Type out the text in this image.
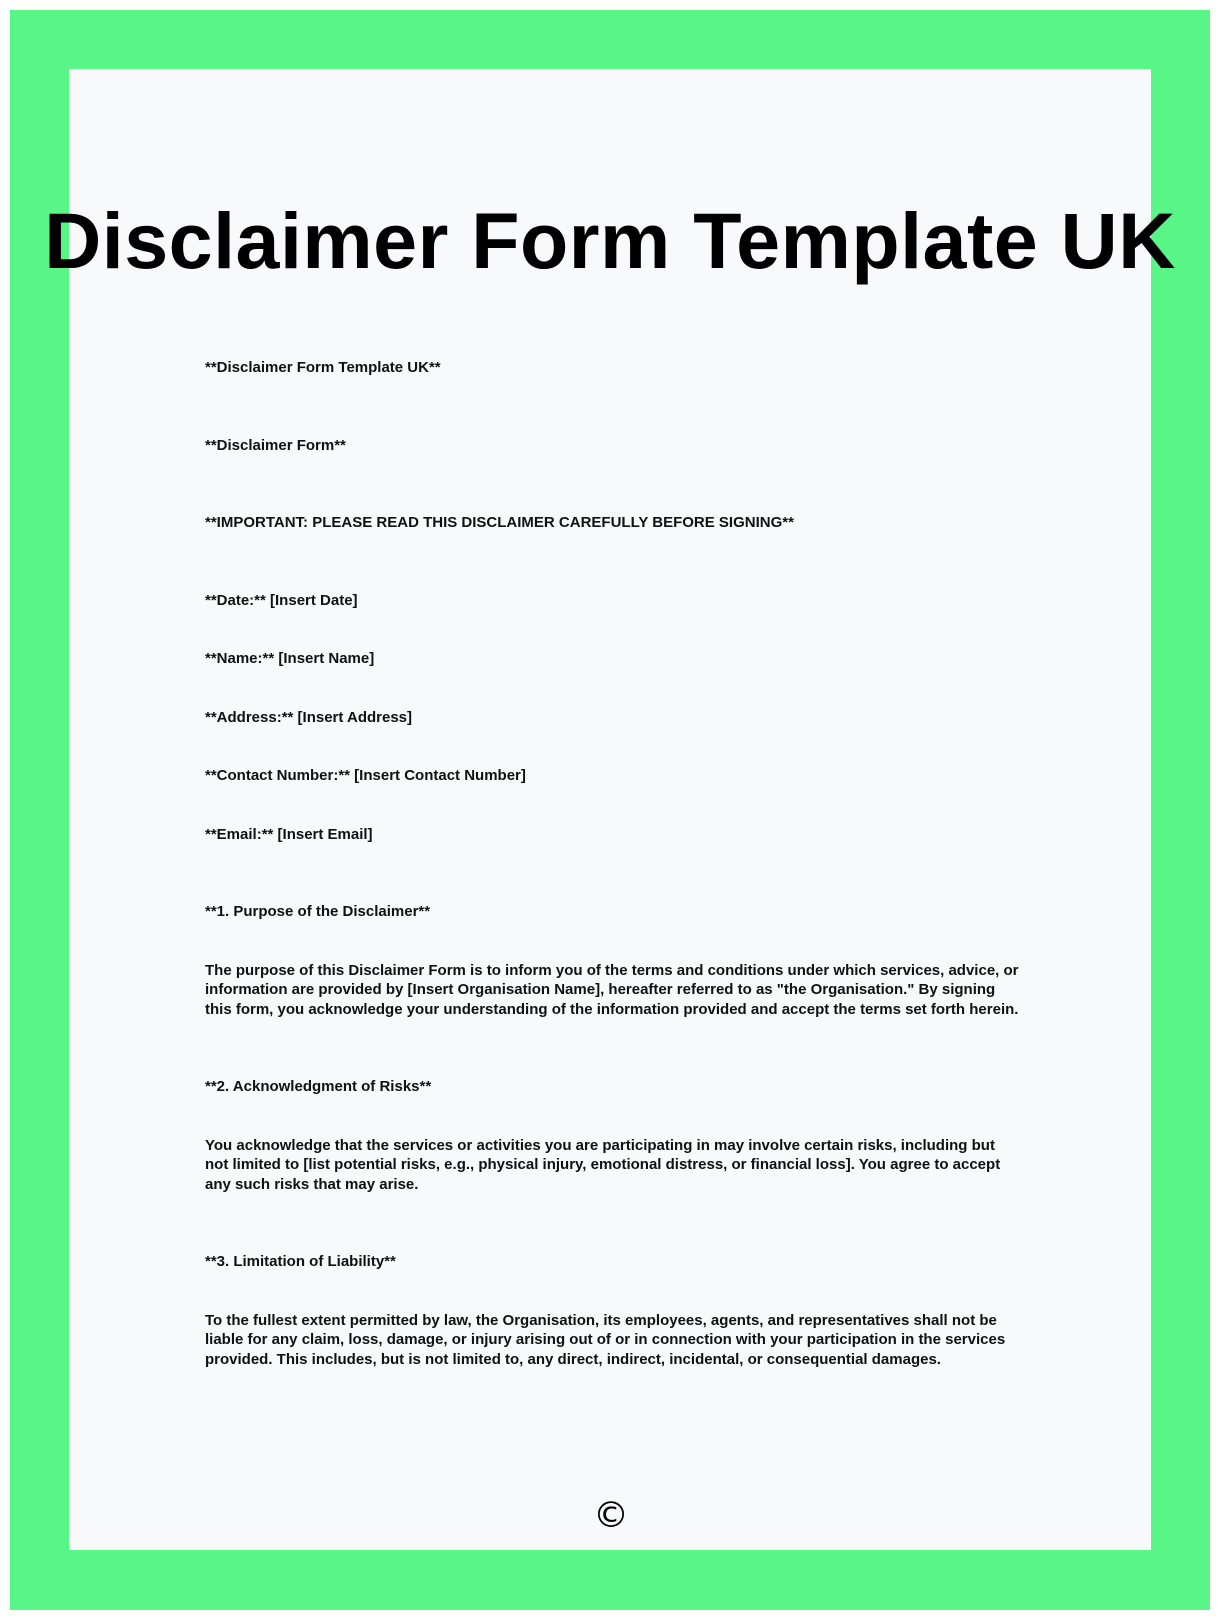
Disclaimer Form Template UK

**Disclaimer Form Template UK**

**Disclaimer Form**

**IMPORTANT: PLEASE READ THIS DISCLAIMER CAREFULLY BEFORE SIGNING**

**Date:** [Insert Date]

**Name:** [Insert Name]

**Address:** [Insert Address]

**Contact Number:** [Insert Contact Number]

**Email:** [Insert Email]

**1. Purpose of the Disclaimer**

The purpose of this Disclaimer Form is to inform you of the terms and conditions under which services, advice, or information are provided by [Insert Organisation Name], hereafter referred to as "the Organisation." By signing this form, you acknowledge your understanding of the information provided and accept the terms set forth herein.

**2. Acknowledgment of Risks**

You acknowledge that the services or activities you are participating in may involve certain risks, including but not limited to [list potential risks, e.g., physical injury, emotional distress, or financial loss]. You agree to accept any such risks that may arise.

**3. Limitation of Liability**

To the fullest extent permitted by law, the Organisation, its employees, agents, and representatives shall not be liable for any claim, loss, damage, or injury arising out of or in connection with your participation in the services provided. This includes, but is not limited to, any direct, indirect, incidental, or consequential damages.

©
